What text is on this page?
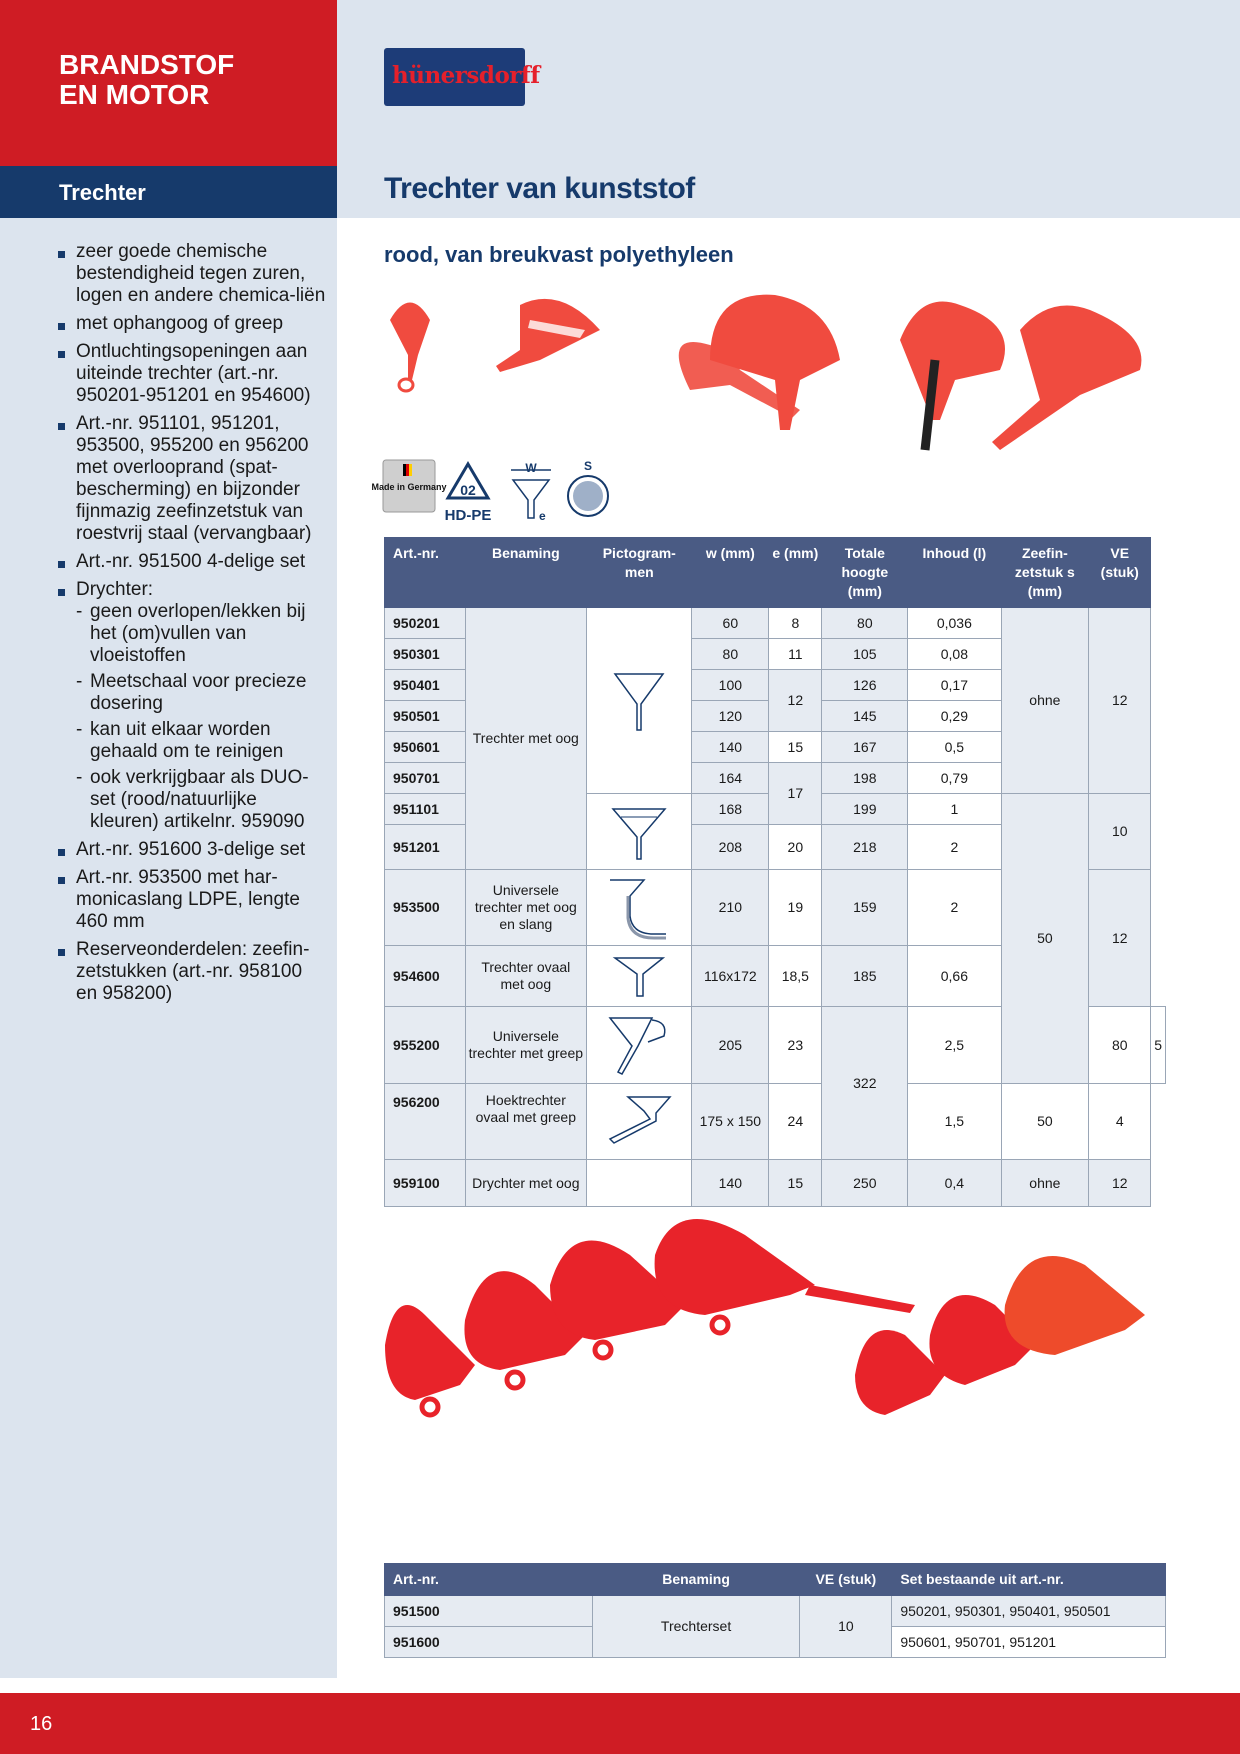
BRANDSTOF
EN MOTOR
Trechter
zeer goede chemische bestendigheid tegen zuren, logen en andere chemica-liën
met ophangoog of greep
Ontluchtingsopeningen aan uiteinde trechter (art.-nr. 950201-951201 en 954600)
Art.-nr. 951101, 951201, 953500, 955200 en 956200 met overlooprand (spat-bescherming) en bijzonder fijnmazig zeefinzetstuk van roestvrij staal (vervangbaar)
Art.-nr. 951500 4-delige set
Drychter:
- geen overlopen/lekken bij het (om)vullen van vloeistoffen
- Meetschaal voor precieze dosering
- kan uit elkaar worden gehaald om te reinigen
- ook verkrijgbaar als DUO-set (rood/natuurlijke kleuren) artikelnr. 959090
Art.-nr. 951600 3-delige set
Art.-nr. 953500 met har-monicaslang LDPE, lengte 460 mm
Reserveonderdelen: zeefin-zetstukken (art.-nr. 958100 en 958200)
hünersdorff
Trechter van kunststof
rood, van breukvast polyethyleen
Made in Germany 02
HD-PE
W
e
S
Art.-nr.	Benaming	Pictogram-men	w (mm)	e (mm)	Totale hoogte (mm)	Inhoud (l)	Zeefin-zetstuk s (mm)	VE (stuk)	
950201	Trechter met oog		60	8	80	0,036	ohne	12	
950301			80	11	105	0,08			
950401			100	12	126	0,17			
950501			120		145	0,29			
950601			140	15	167	0,5			
950701			164	17	198	0,79			
951101			168		199	1	50	10	
951201			208	20	218	2			
953500	Universele trechter met oog en slang		210	19	159	2		12	
954600	Trechter ovaal met oog		116x172	18,5	185	0,66			
955200	Universele trechter met greep		205	23	322	2,5		80	5
956200	Hoektrechter ovaal met greep		175 x 150	24		1,5	50	4	
959100	Drychter met oog		140	15	250	0,4	ohne	12	
Art.-nr.	Benaming	VE (stuk)	Set bestaande uit art.-nr.
951500	Trechterset	10	950201, 950301, 950401, 950501
951600			950601, 950701, 951201
16
